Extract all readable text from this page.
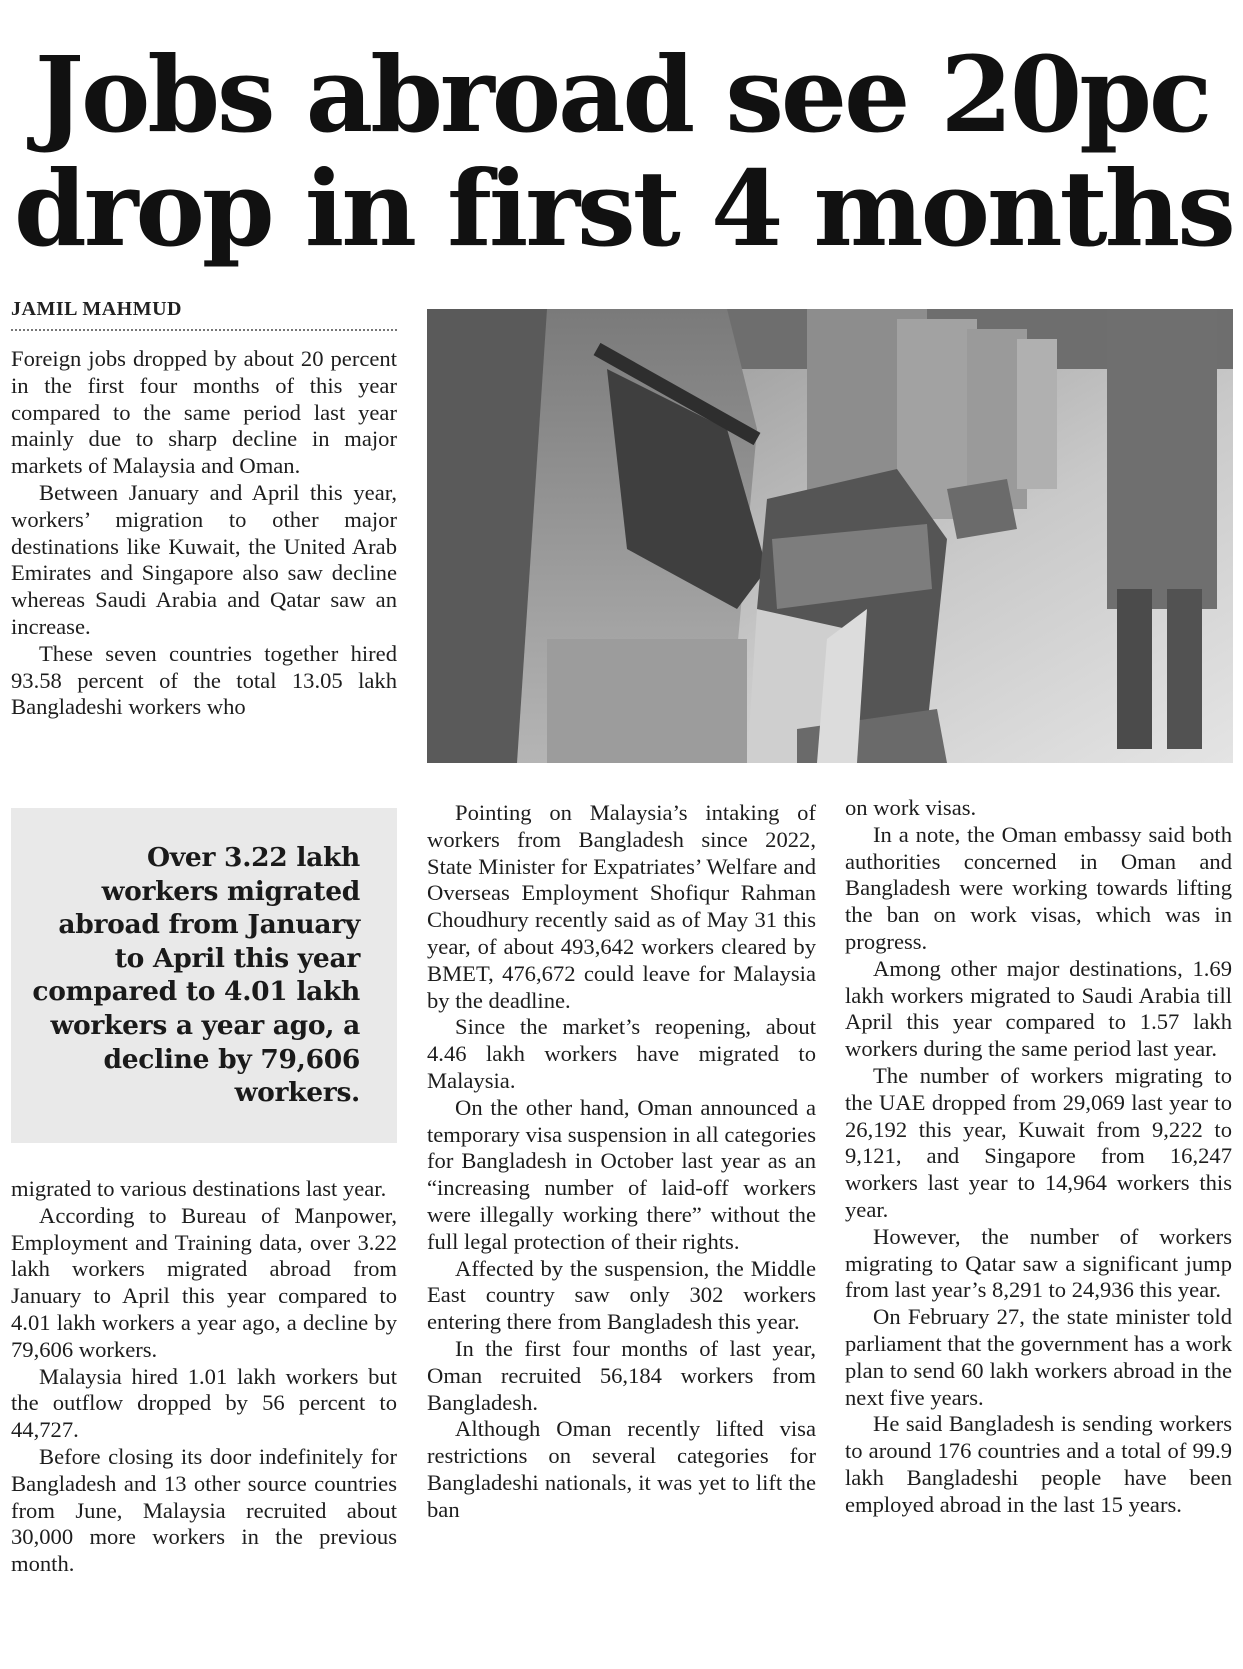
Jobs abroad see 20pc
drop in first 4 months
JAMIL MAHMUD

Foreign jobs dropped by about 20 percent in the first four months of this year compared to the same period last year mainly due to sharp decline in major markets of Malaysia and Oman.

Between January and April this year, workers’ migration to other major destinations like Kuwait, the United Arab Emirates and Singapore also saw decline whereas Saudi Arabia and Qatar saw an increase.

These seven countries together hired 93.58 percent of the total 13.05 lakh Bangladeshi workers who

Over 3.22 lakh workers migrated abroad from January to April this year compared to 4.01 lakh workers a year ago, a decline by 79,606 workers.

migrated to various destinations last year.

According to Bureau of Manpower, Employment and Training data, over 3.22 lakh workers migrated abroad from January to April this year compared to 4.01 lakh workers a year ago, a decline by 79,606 workers.

Malaysia hired 1.01 lakh workers but the outflow dropped by 56 percent to 44,727.

Before closing its door indefinitely for Bangladesh and 13 other source countries from June, Malaysia recruited about 30,000 more workers in the previous month.

Pointing on Malaysia’s intaking of workers from Bangladesh since 2022, State Minister for Expatriates’ Welfare and Overseas Employment Shofiqur Rahman Choudhury recently said as of May 31 this year, of about 493,642 workers cleared by BMET, 476,672 could leave for Malaysia by the deadline.

Since the market’s reopening, about 4.46 lakh workers have migrated to Malaysia.

On the other hand, Oman announced a temporary visa suspension in all categories for Bangladesh in October last year as an “increasing number of laid-off workers were illegally working there” without the full legal protection of their rights.

Affected by the suspension, the Middle East country saw only 302 workers entering there from Bangladesh this year.

In the first four months of last year, Oman recruited 56,184 workers from Bangladesh.

Although Oman recently lifted visa restrictions on several categories for Bangladeshi nationals, it was yet to lift the ban

on work visas.

In a note, the Oman embassy said both authorities concerned in Oman and Bangladesh were working towards lifting the ban on work visas, which was in progress.

Among other major destinations, 1.69 lakh workers migrated to Saudi Arabia till April this year compared to 1.57 lakh workers during the same period last year.

The number of workers migrating to the UAE dropped from 29,069 last year to 26,192 this year, Kuwait from 9,222 to 9,121, and Singapore from 16,247 workers last year to 14,964 workers this year.

However, the number of workers migrating to Qatar saw a significant jump from last year’s 8,291 to 24,936 this year.

On February 27, the state minister told parliament that the government has a work plan to send 60 lakh workers abroad in the next five years.

He said Bangladesh is sending workers to around 176 countries and a total of 99.9 lakh Bangladeshi people have been employed abroad in the last 15 years.
